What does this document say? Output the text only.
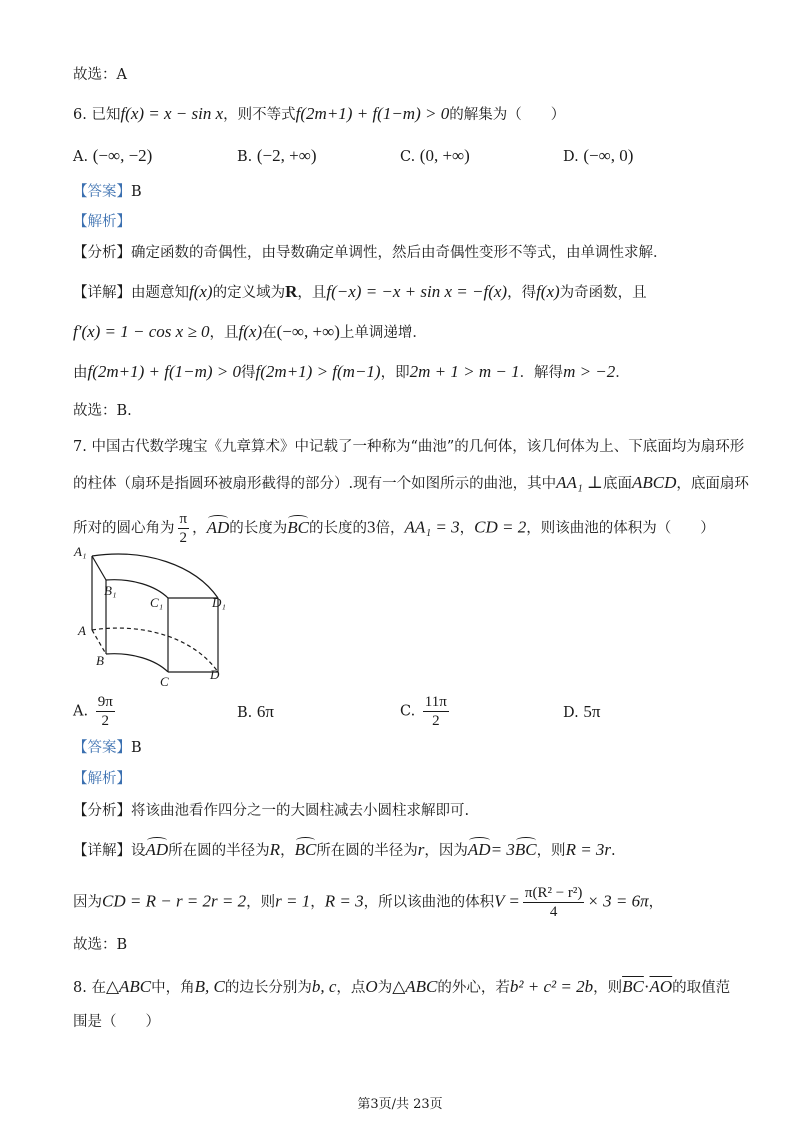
故选：A
6. 已知f(x) = x − sin x，则不等式f(2m+1) + f(1−m) > 0的解集为（　　）
A. (−∞, −2)	B. (−2, +∞)	C. (0, +∞)	D. (−∞, 0)
【答案】B
【解析】
【分析】确定函数的奇偶性，由导数确定单调性，然后由奇偶性变形不等式，由单调性求解．
【详解】由题意知f(x)的定义域为R，且f(−x) = −x + sin x = −f(x)，得f(x)为奇函数，且
f′(x) = 1 − cos x ≥ 0，且f(x)在(−∞, +∞)上单调递增．
由f(2m+1) + f(1−m) > 0得f(2m+1) > f(m−1)，即2m + 1 > m − 1．解得m > −2．
故选：B.
7. 中国古代数学瑰宝《九章算术》中记载了一种称为“曲池”的几何体，该几何体为上、下底面均为扇环形
的柱体（扇环是指圆环被扇形截得的部分）.现有一个如图所示的曲池，其中AA₁ ⊥底面ABCD，底面扇环
所对的圆心角为 $\frac{\pi}{2}$ ，AD的长度为BC的长度的3倍，AA₁ = 3，CD = 2，则该曲池的体积为（　　）
A₁
B₁
C₁	D₁
A
B
C	D
A. $\frac{9\pi}{2}$	B. 6π	C. $\frac{11\pi}{2}$	D. 5π
【答案】B
【解析】
【分析】将该曲池看作四分之一的大圆柱减去小圆柱求解即可.
【详解】设AD所在圆的半径为R，BC所在圆的半径为r，因为AD= 3BC，则R = 3r.
因为CD = R − r = 2r = 2，则r = 1，R = 3，所以该曲池的体积$V = \frac{\text{π(R² − r²)}}{4} \times 3 = 6\pi$，
故选：B
8. 在△ABC中，角B, C的边长分别为b, c，点O为△ABC的外心，若b² + c² = 2b，则$\overline{BC}\cdot\overline{AO}$的取值范
围是（　　）
第3页/共 23页
